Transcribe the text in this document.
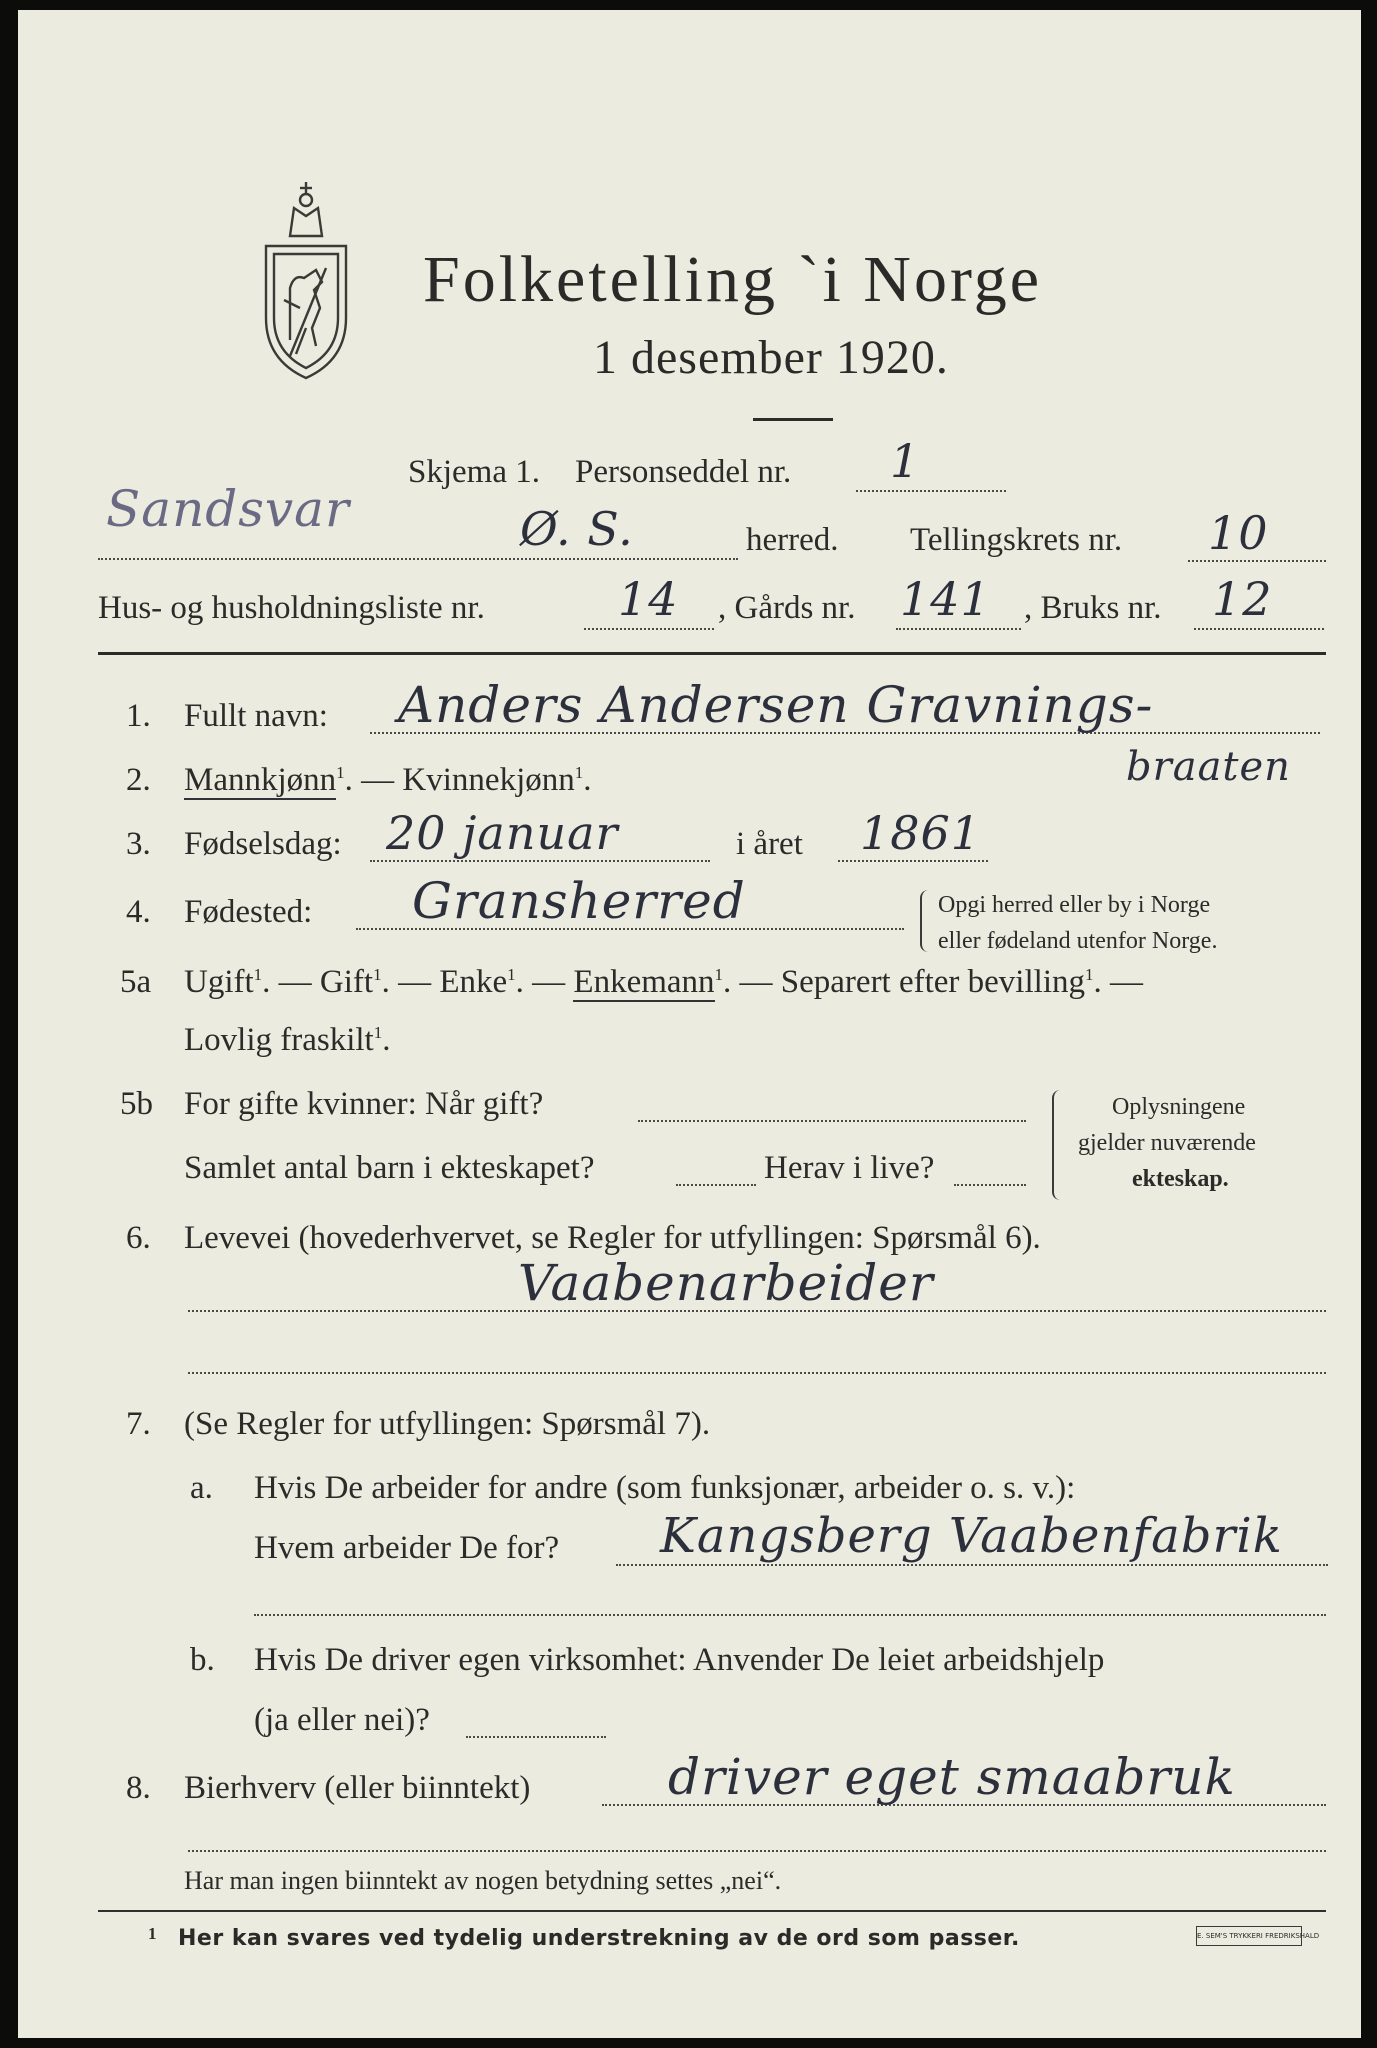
Folketelling `i Norge
1 desember 1920.
Skjema 1. Personseddel nr. 1
Sandsvar	Ø. S.	herred. Tellingskrets nr. 10
Hus- og husholdningsliste nr.	14 , Gårds nr. 141 , Bruks nr. 12
1. Fullt navn: Anders Andersen Gravnings-
braaten
2. Mannkjønn$^1$. — Kvinnekjønn$^1$.
3. Fødselsdag: 20 januar	i året 1861
4. Fødested: Gransherred	Opgi herred eller by i Norge
eller fødeland utenfor Norge.
5a Ugift$^1$. — Gift$^1$. — Enke$^1$. — Enkemann$^1$. — Separert efter bevilling$^1$. —
Lovlig fraskilt$^1$.
5b For gifte kvinner: Når gift?
Samlet antal barn i ekteskapet?	Herav i live?
Oplysningene
gjelder nuværende
ekteskap.
6. Levevei (hovederhvervet, se Regler for utfyllingen: Spørsmål 6).
Vaabenarbeider
7. (Se Regler for utfyllingen: Spørsmål 7).
a. Hvis De arbeider for andre (som funksjonær, arbeider o. s. v.):
Hvem arbeider De for? Kangsberg Vaabenfabrik
b. Hvis De driver egen virksomhet: Anvender De leiet arbeidshjelp
(ja eller nei)?
8. Bierhverv (eller biinntekt)	driver eget smaabruk
Har man ingen biinntekt av nogen betydning settes „nei“.
1 Her kan svares ved tydelig understrekning av de ord som passer.	E. SEM'S TRYKKERI FREDRIKSHALD
